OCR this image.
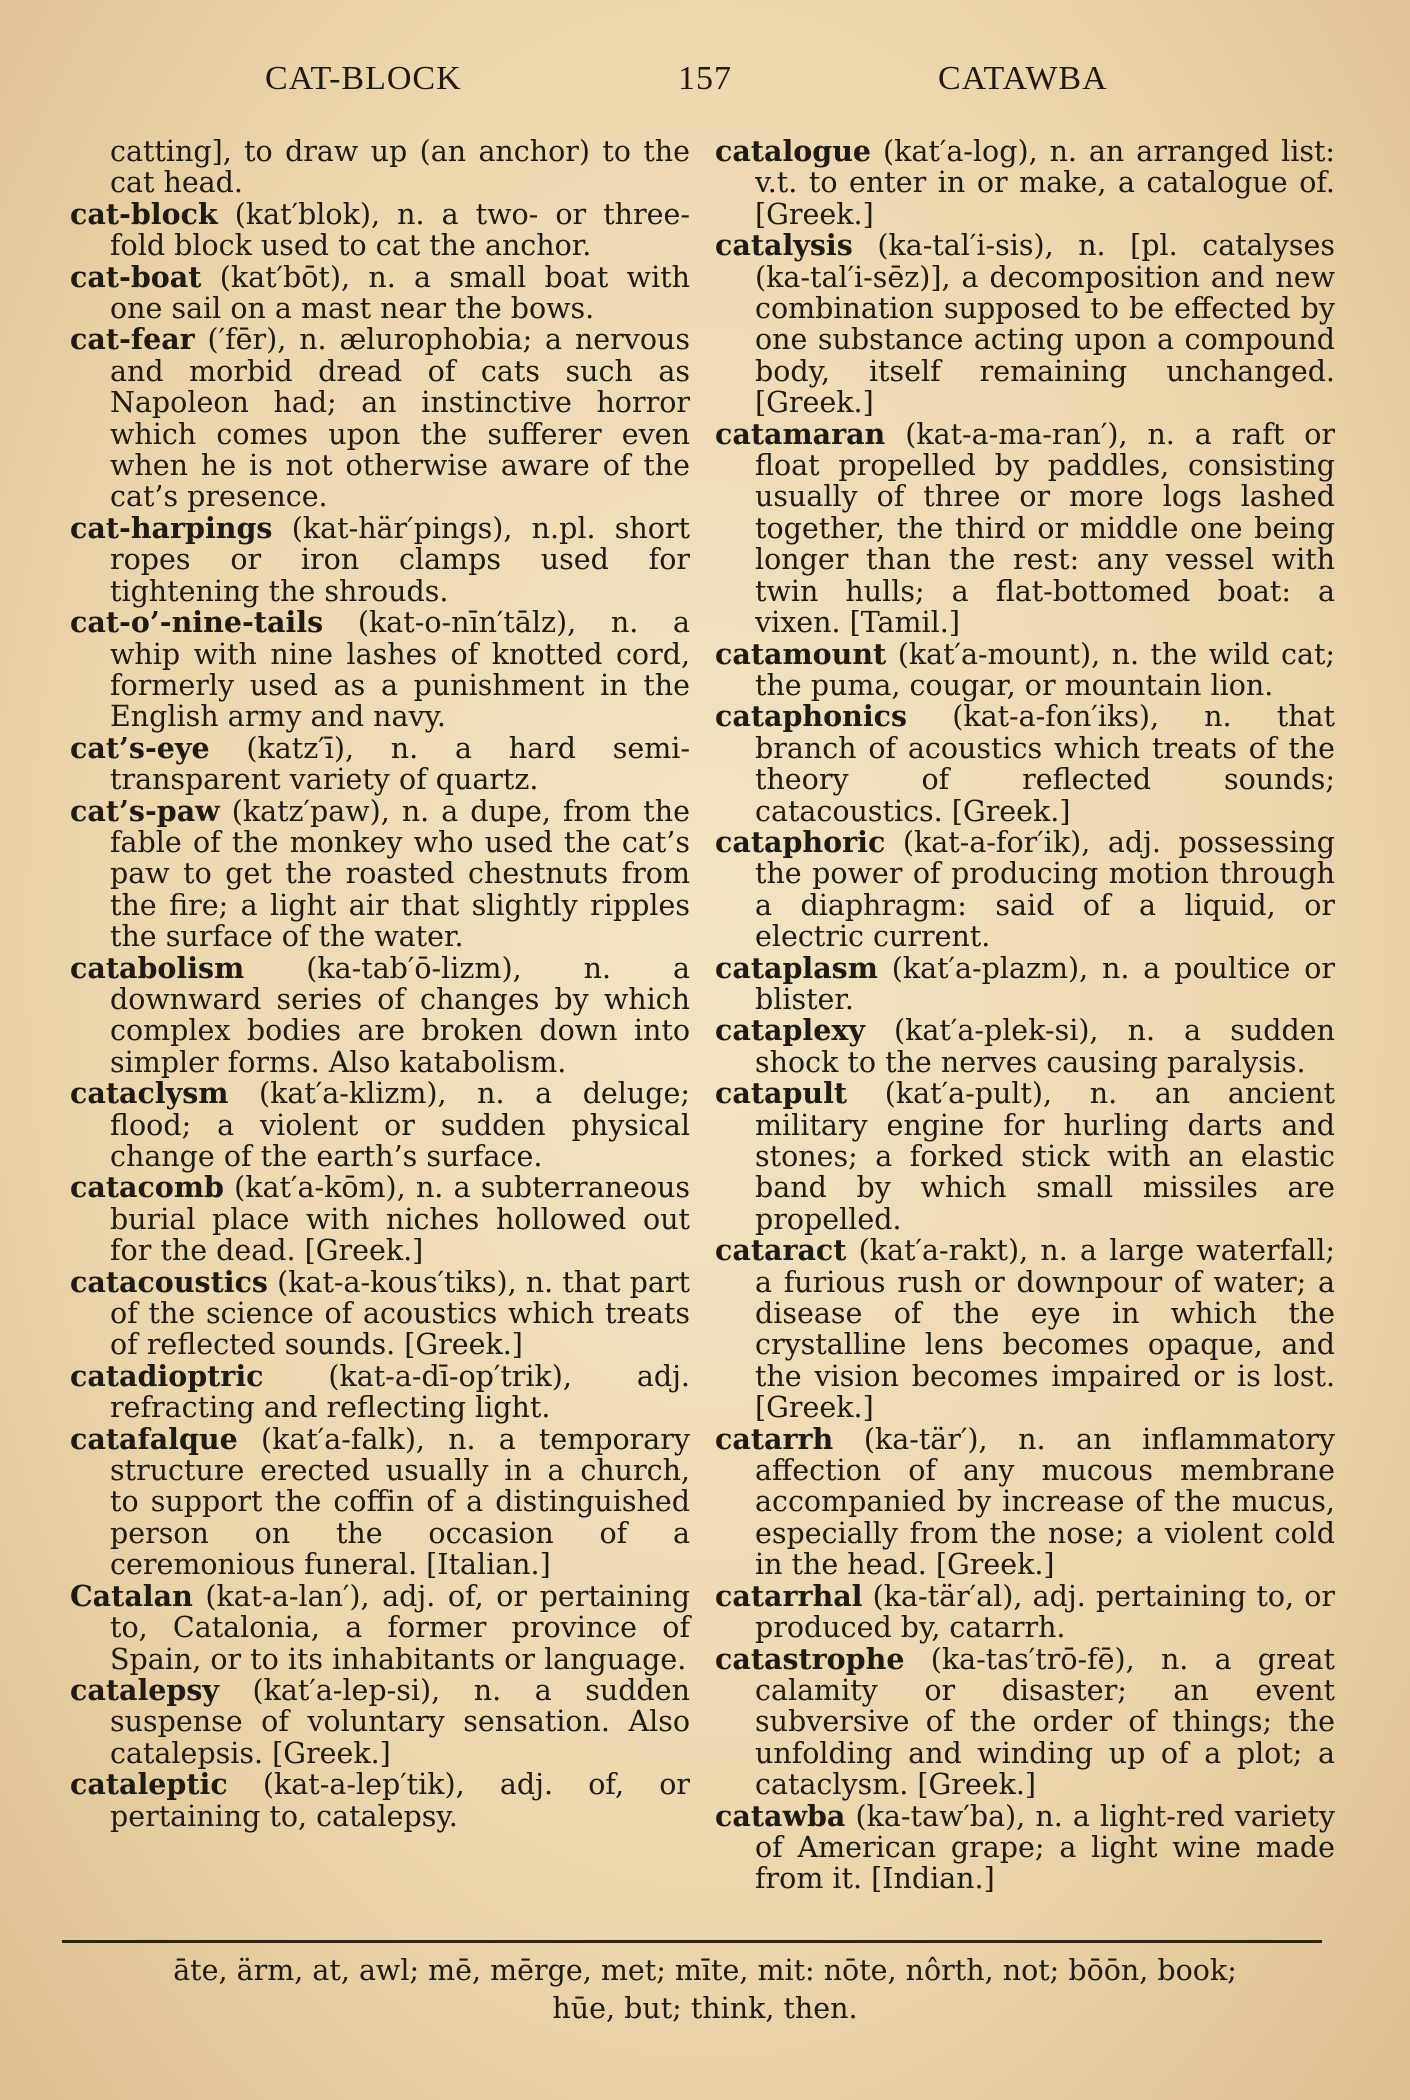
CAT-BLOCK	157	CATAWBA

catting], to draw up (an anchor) to the cat head.

cat-block (kat′blok), n. a two- or three-fold block used to cat the anchor.

cat-boat (kat′bōt), n. a small boat with one sail on a mast near the bows.

cat-fear (′fēr), n. ælurophobia; a nervous and morbid dread of cats such as Napoleon had; an instinctive horror which comes upon the sufferer even when he is not otherwise aware of the cat’s presence.

cat-harpings (kat-här′pings), n.pl. short ropes or iron clamps used for tightening the shrouds.

cat-o’-nine-tails (kat-o-nīn′tālz), n. a whip with nine lashes of knotted cord, formerly used as a punishment in the English army and navy.

cat’s-eye (katz′ī), n. a hard semi-transparent variety of quartz.

cat’s-paw (katz′paw), n. a dupe, from the fable of the monkey who used the cat’s paw to get the roasted chestnuts from the fire; a light air that slightly ripples the surface of the water.

catabolism (ka-tab′ō-lizm), n. a downward series of changes by which complex bodies are broken down into simpler forms. Also katabolism.

cataclysm (kat′a-klizm), n. a deluge; flood; a violent or sudden physical change of the earth’s surface.

catacomb (kat′a-kōm), n. a subterraneous burial place with niches hollowed out for the dead. [Greek.]

catacoustics (kat-a-kous′tiks), n. that part of the science of acoustics which treats of reflected sounds. [Greek.]

catadioptric (kat-a-dī-op′trik), adj. refracting and reflecting light.

catafalque (kat′a-falk), n. a temporary structure erected usually in a church, to support the coffin of a distinguished person on the occasion of a ceremonious funeral. [Italian.]

Catalan (kat-a-lan′), adj. of, or pertaining to, Catalonia, a former province of Spain, or to its inhabitants or language.

catalepsy (kat′a-lep-si), n. a sudden suspense of voluntary sensation. Also catalepsis. [Greek.]

cataleptic (kat-a-lep′tik), adj. of, or pertaining to, catalepsy.

catalogue (kat′a-log), n. an arranged list: v.t. to enter in or make, a catalogue of. [Greek.]

catalysis (ka-tal′i-sis), n. [pl. catalyses (ka-tal′i-sēz)], a decomposition and new combination supposed to be effected by one substance acting upon a compound body, itself remaining unchanged. [Greek.]

catamaran (kat-a-ma-ran′), n. a raft or float propelled by paddles, consisting usually of three or more logs lashed together, the third or middle one being longer than the rest: any vessel with twin hulls; a flat-bottomed boat: a vixen. [Tamil.]

catamount (kat′a-mount), n. the wild cat; the puma, cougar, or mountain lion.

cataphonics (kat-a-fon′iks), n. that branch of acoustics which treats of the theory of reflected sounds; catacoustics. [Greek.]

cataphoric (kat-a-for′ik), adj. possessing the power of producing motion through a diaphragm: said of a liquid, or electric current.

cataplasm (kat′a-plazm), n. a poultice or blister.

cataplexy (kat′a-plek-si), n. a sudden shock to the nerves causing paralysis.

catapult (kat′a-pult), n. an ancient military engine for hurling darts and stones; a forked stick with an elastic band by which small missiles are propelled.

cataract (kat′a-rakt), n. a large waterfall; a furious rush or downpour of water; a disease of the eye in which the crystalline lens becomes opaque, and the vision becomes impaired or is lost. [Greek.]

catarrh (ka-tär′), n. an inflammatory affection of any mucous membrane accompanied by increase of the mucus, especially from the nose; a violent cold in the head. [Greek.]

catarrhal (ka-tär′al), adj. pertaining to, or produced by, catarrh.

catastrophe (ka-tas′trō-fē), n. a great calamity or disaster; an event subversive of the order of things; the unfolding and winding up of a plot; a cataclysm. [Greek.]

catawba (ka-taw′ba), n. a light-red variety of American grape; a light wine made from it. [Indian.]

āte, ärm, at, awl; mē, mērge, met; mīte, mit: nōte, nôrth, not; bōōn, book;
hūe, but; think, then.
